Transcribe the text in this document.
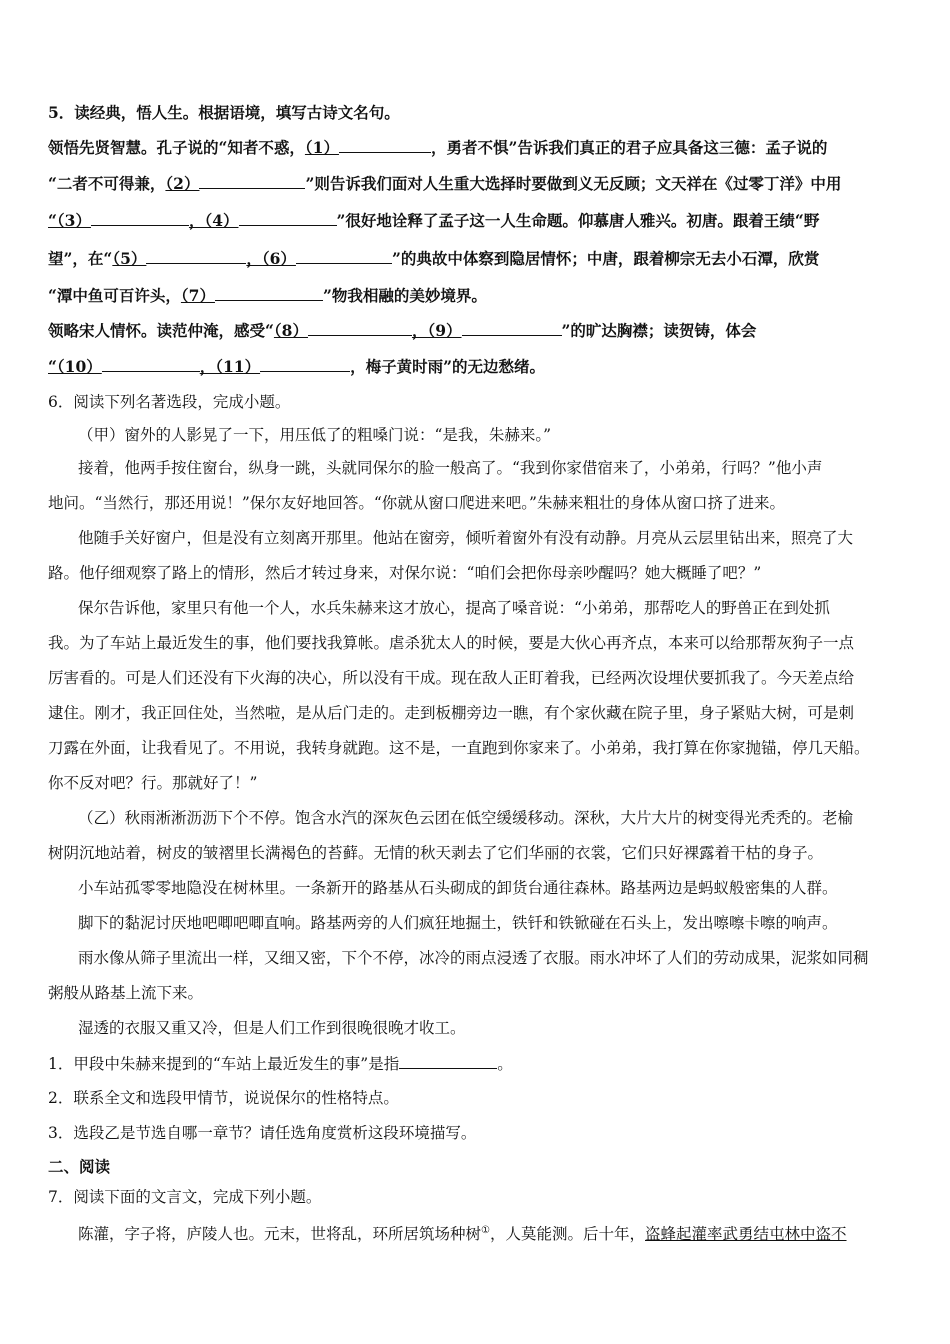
5．读经典，悟人生。根据语境，填写古诗文名句。
领悟先贤智慧。孔子说的“知者不惑，（1）	，勇者不惧”告诉我们真正的君子应具备这三德：孟子说的
“二者不可得兼，（2）	”则告诉我们面对人生重大选择时要做到义无反顾；文天祥在《过零丁洋》中用
“（3）	，（4）	”很好地诠释了孟子这一人生命题。仰慕唐人雅兴。初唐。跟着王绩“野
望”，在“（5）	，（6）	”的典故中体察到隐居情怀；中唐，跟着柳宗无去小石潭，欣赏
“潭中鱼可百许头，（7）	”物我相融的美妙境界。
领略宋人情怀。读范仲淹，感受“（8）	，（9）	”的旷达胸襟；读贺铸，体会
“（10）	，（11）	，梅子黄时雨”的无边愁绪。
6．阅读下列名著选段，完成小题。
（甲）窗外的人影晃了一下，用压低了的粗嗓门说：“是我，朱赫来。”
接着，他两手按住窗台，纵身一跳，头就同保尔的脸一般高了。“我到你家借宿来了，小弟弟，行吗？”他小声
地问。“当然行，那还用说！”保尔友好地回答。“你就从窗口爬进来吧。”朱赫来粗壮的身体从窗口挤了进来。
他随手关好窗户，但是没有立刻离开那里。他站在窗旁，倾听着窗外有没有动静。月亮从云层里钻出来，照亮了大
路。他仔细观察了路上的情形，然后才转过身来，对保尔说：“咱们会把你母亲吵醒吗？她大概睡了吧？”
保尔告诉他，家里只有他一个人，水兵朱赫来这才放心，提高了嗓音说：“小弟弟，那帮吃人的野兽正在到处抓
我。为了车站上最近发生的事，他们要找我算帐。虐杀犹太人的时候，要是大伙心再齐点，本来可以给那帮灰狗子一点
厉害看的。可是人们还没有下火海的决心，所以没有干成。现在敌人正盯着我，已经两次设埋伏要抓我了。今天差点给
逮住。刚才，我正回住处，当然啦，是从后门走的。走到板棚旁边一瞧，有个家伙藏在院子里，身子紧贴大树，可是刺
刀露在外面，让我看见了。不用说，我转身就跑。这不是，一直跑到你家来了。小弟弟，我打算在你家抛锚，停几天船。
你不反对吧？行。那就好了！”
（乙）秋雨淅淅沥沥下个不停。饱含水汽的深灰色云团在低空缓缓移动。深秋，大片大片的树变得光秃秃的。老榆
树阴沉地站着，树皮的皱褶里长满褐色的苔藓。无情的秋天剥去了它们华丽的衣裳，它们只好裸露着干枯的身子。
小车站孤零零地隐没在树林里。一条新开的路基从石头砌成的卸货台通往森林。路基两边是蚂蚁般密集的人群。
脚下的黏泥讨厌地吧唧吧唧直响。路基两旁的人们疯狂地掘土，铁钎和铁锨碰在石头上，发出嚓嚓卡嚓的响声。
雨水像从筛子里流出一样，又细又密，下个不停，冰冷的雨点浸透了衣服。雨水冲坏了人们的劳动成果，泥浆如同稠
粥般从路基上流下来。
湿透的衣服又重又冷，但是人们工作到很晚很晚才收工。
1．甲段中朱赫来提到的“车站上最近发生的事”是指	。
2．联系全文和选段甲情节，说说保尔的性格特点。
3．选段乙是节选自哪一章节？请任选角度赏析这段环境描写。
二、阅读
7．阅读下面的文言文，完成下列小题。
陈灌，字子将，庐陵人也。元末，世将乱，环所居筑场种树①，人莫能测。后十年，盗蜂起灌率武勇结屯林中盗不
